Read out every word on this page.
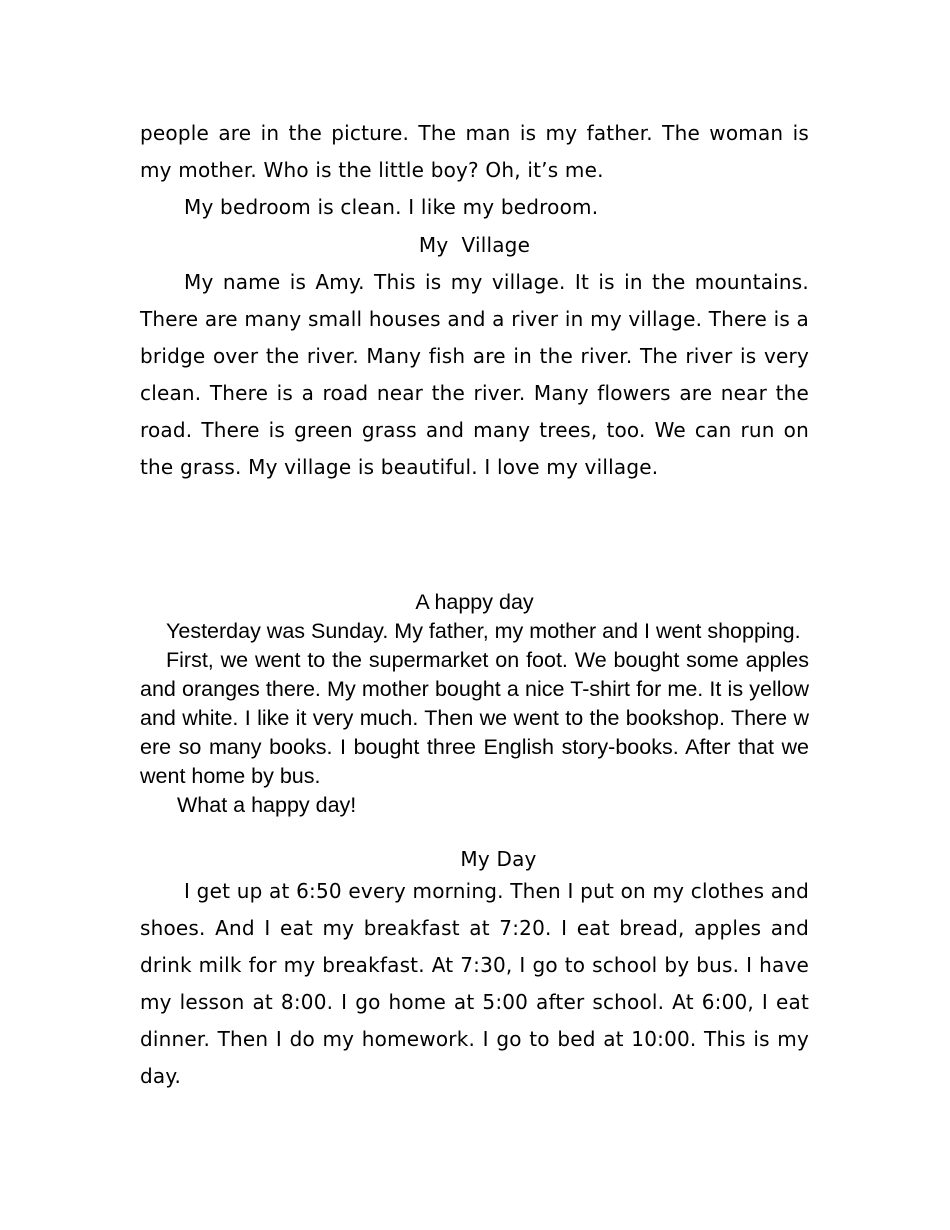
people are in the picture. The man is my father. The woman is my mother. Who is the little boy? Oh, it’s me.

My bedroom is clean. I like my bedroom.

My  Village

My name is Amy. This is my village. It is in the mountains. There are many small houses and a river in my village. There is a bridge over the river. Many fish are in the river. The river is very clean. There is a road near the river. Many flowers are near the road. There is green grass and many trees, too. We can run on the grass. My village is beautiful. I love my village.

A happy day

Yesterday was Sunday. My father, my mother and I went shopping.

First, we went to the supermarket on foot. We bought some apples and oranges there. My mother bought a nice T-shirt for me. It is yellow and white. I like it very much. Then we went to the bookshop. There were so many books. I bought three English story-books. After that we went home by bus.

What a happy day!

My Day

I get up at 6:50 every morning. Then I put on my clothes and shoes. And I eat my breakfast at 7:20. I eat bread, apples and drink milk for my breakfast. At 7:30, I go to school by bus. I have my lesson at 8:00. I go home at 5:00 after school. At 6:00, I eat dinner. Then I do my homework. I go to bed at 10:00. This is my day.
